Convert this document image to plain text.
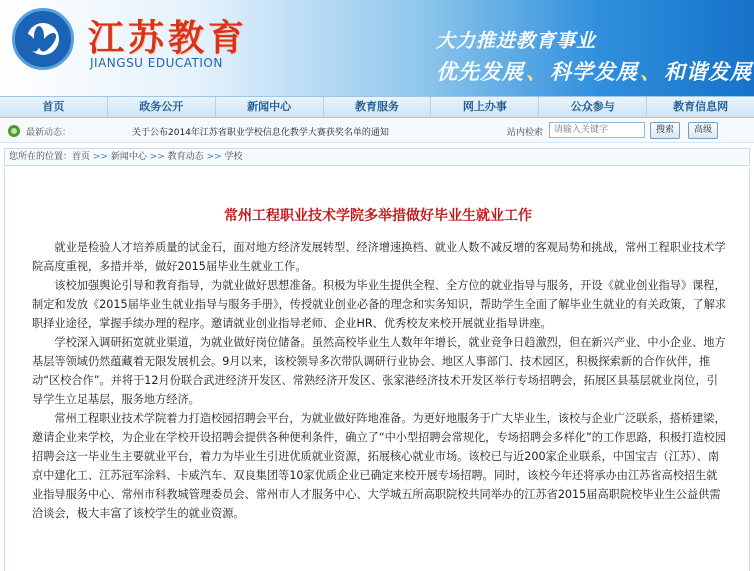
江苏教育
JIANGSU EDUCATION
大力推进教育事业
优先发展、科学发展、和谐发展
首页	政务公开	新闻中心	教育服务	网上办事	公众参与	教育信息网
最新动态：	关于公布2014年江苏省职业学校信息化教学大赛获奖名单的通知	站内检索
请输入关键字	搜索	高级
您所在的位置：首页 >> 新闻中心 >> 教育动态 >> 学校
常州工程职业技术学院多举措做好毕业生就业工作

就业是检验人才培养质量的试金石，面对地方经济发展转型、经济增速换档、就业人数不减反增的客观局势和挑战，常州工程职业技术学院高度重视，多措并举，做好2015届毕业生就业工作。

该校加强舆论引导和教育指导，为就业做好思想准备。积极为毕业生提供全程、全方位的就业指导与服务，开设《就业创业指导》课程，制定和发放《2015届毕业生就业指导与服务手册》，传授就业创业必备的理念和实务知识，帮助学生全面了解毕业生就业的有关政策，了解求职择业途径，掌握手续办理的程序。邀请就业创业指导老师、企业HR、优秀校友来校开展就业指导讲座。

学校深入调研拓宽就业渠道，为就业做好岗位储备。虽然高校毕业生人数年年增长，就业竞争日趋激烈，但在新兴产业、中小企业、地方基层等领域仍然蕴藏着无限发展机会。9月以来，该校领导多次带队调研行业协会、地区人事部门、技术园区，积极探索新的合作伙伴，推动“区校合作”。并将于12月份联合武进经济开发区、常熟经济开发区、张家港经济技术开发区举行专场招聘会，拓展区县基层就业岗位，引导学生立足基层，服务地方经济。

常州工程职业技术学院着力打造校园招聘会平台，为就业做好阵地准备。为更好地服务于广大毕业生，该校与企业广泛联系，搭桥建梁，邀请企业来学校，为企业在学校开设招聘会提供各种便利条件，确立了“中小型招聘会常规化，专场招聘会多样化”的工作思路，积极打造校园招聘会这一毕业生主要就业平台，着力为毕业生引进优质就业资源，拓展核心就业市场。该校已与近200家企业联系，中国宝吉（江苏）、南京中建化工、江苏冠军涂料、卡威汽车、双良集团等10家优质企业已确定来校开展专场招聘。同时，该校今年还将承办由江苏省高校招生就业指导服务中心、常州市科教城管理委员会、常州市人才服务中心、大学城五所高职院校共同举办的江苏省2015届高职院校毕业生公益供需洽谈会，极大丰富了该校学生的就业资源。
